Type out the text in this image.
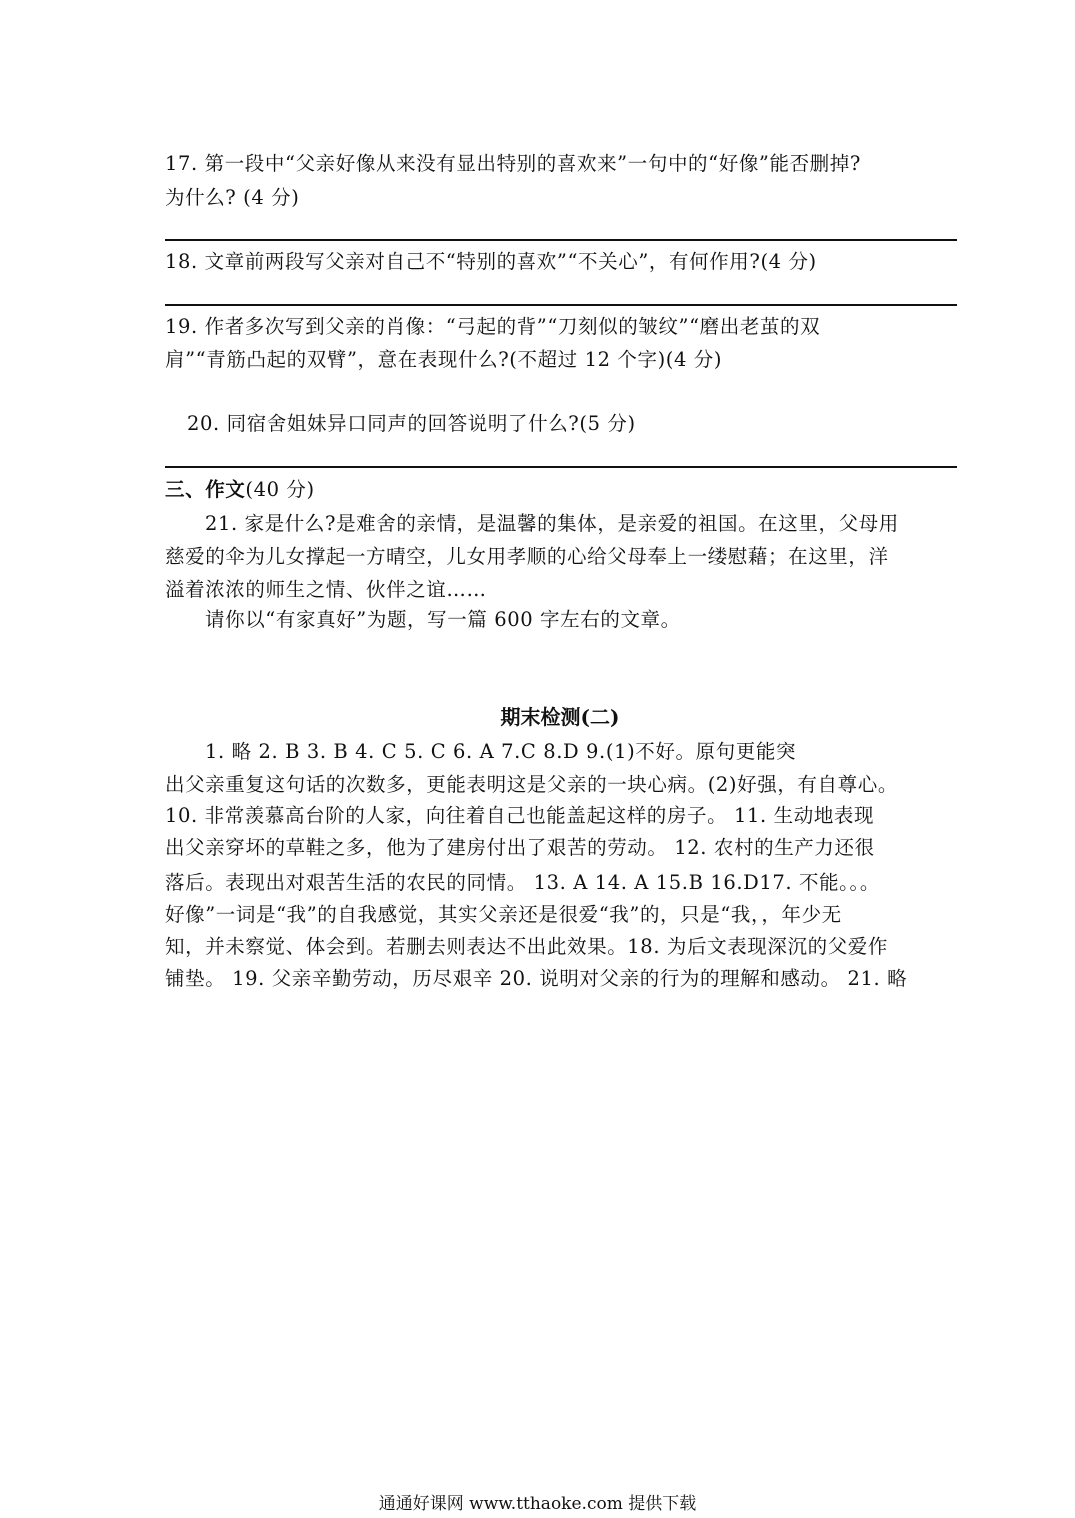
17. 第一段中“父亲好像从来没有显出特别的喜欢来”一句中的“好像”能否删掉?
为什么? (4 分)
18. 文章前两段写父亲对自己不“特别的喜欢”“不关心”，有何作用?(4 分)
19. 作者多次写到父亲的肖像：“弓起的背”“刀刻似的皱纹”“磨出老茧的双
肩”“青筋凸起的双臂”，意在表现什么?(不超过 12 个字)(4 分)
20. 同宿舍姐妹异口同声的回答说明了什么?(5 分)
三、作文(40 分)
21. 家是什么?是难舍的亲情，是温馨的集体，是亲爱的祖国。在这里，父母用
慈爱的伞为儿女撑起一方晴空，儿女用孝顺的心给父母奉上一缕慰藉；在这里，洋
溢着浓浓的师生之情、伙伴之谊……
请你以“有家真好”为题，写一篇 600 字左右的文章。
期末检测(二)
1. 略 2. B 3. B 4. C 5. C 6. A 7.C 8.D 9.(1)不好。原句更能突
出父亲重复这句话的次数多，更能表明这是父亲的一块心病。(2)好强，有自尊心。
10. 非常羡慕高台阶的人家，向往着自己也能盖起这样的房子。 11. 生动地表现
出父亲穿坏的草鞋之多，他为了建房付出了艰苦的劳动。 12. 农村的生产力还很
落后。表现出对艰苦生活的农民的同情。 13. A 14. A 15.B 16.D17. 不能。。。
好像”一词是“我”的自我感觉，其实父亲还是很爱“我”的，只是“我，，年少无
知，并未察觉、体会到。若删去则表达不出此效果。18. 为后文表现深沉的父爱作
铺垫。 19. 父亲辛勤劳动，历尽艰辛 20. 说明对父亲的行为的理解和感动。 21. 略
通通好课网 www.tthaoke.com 提供下载
